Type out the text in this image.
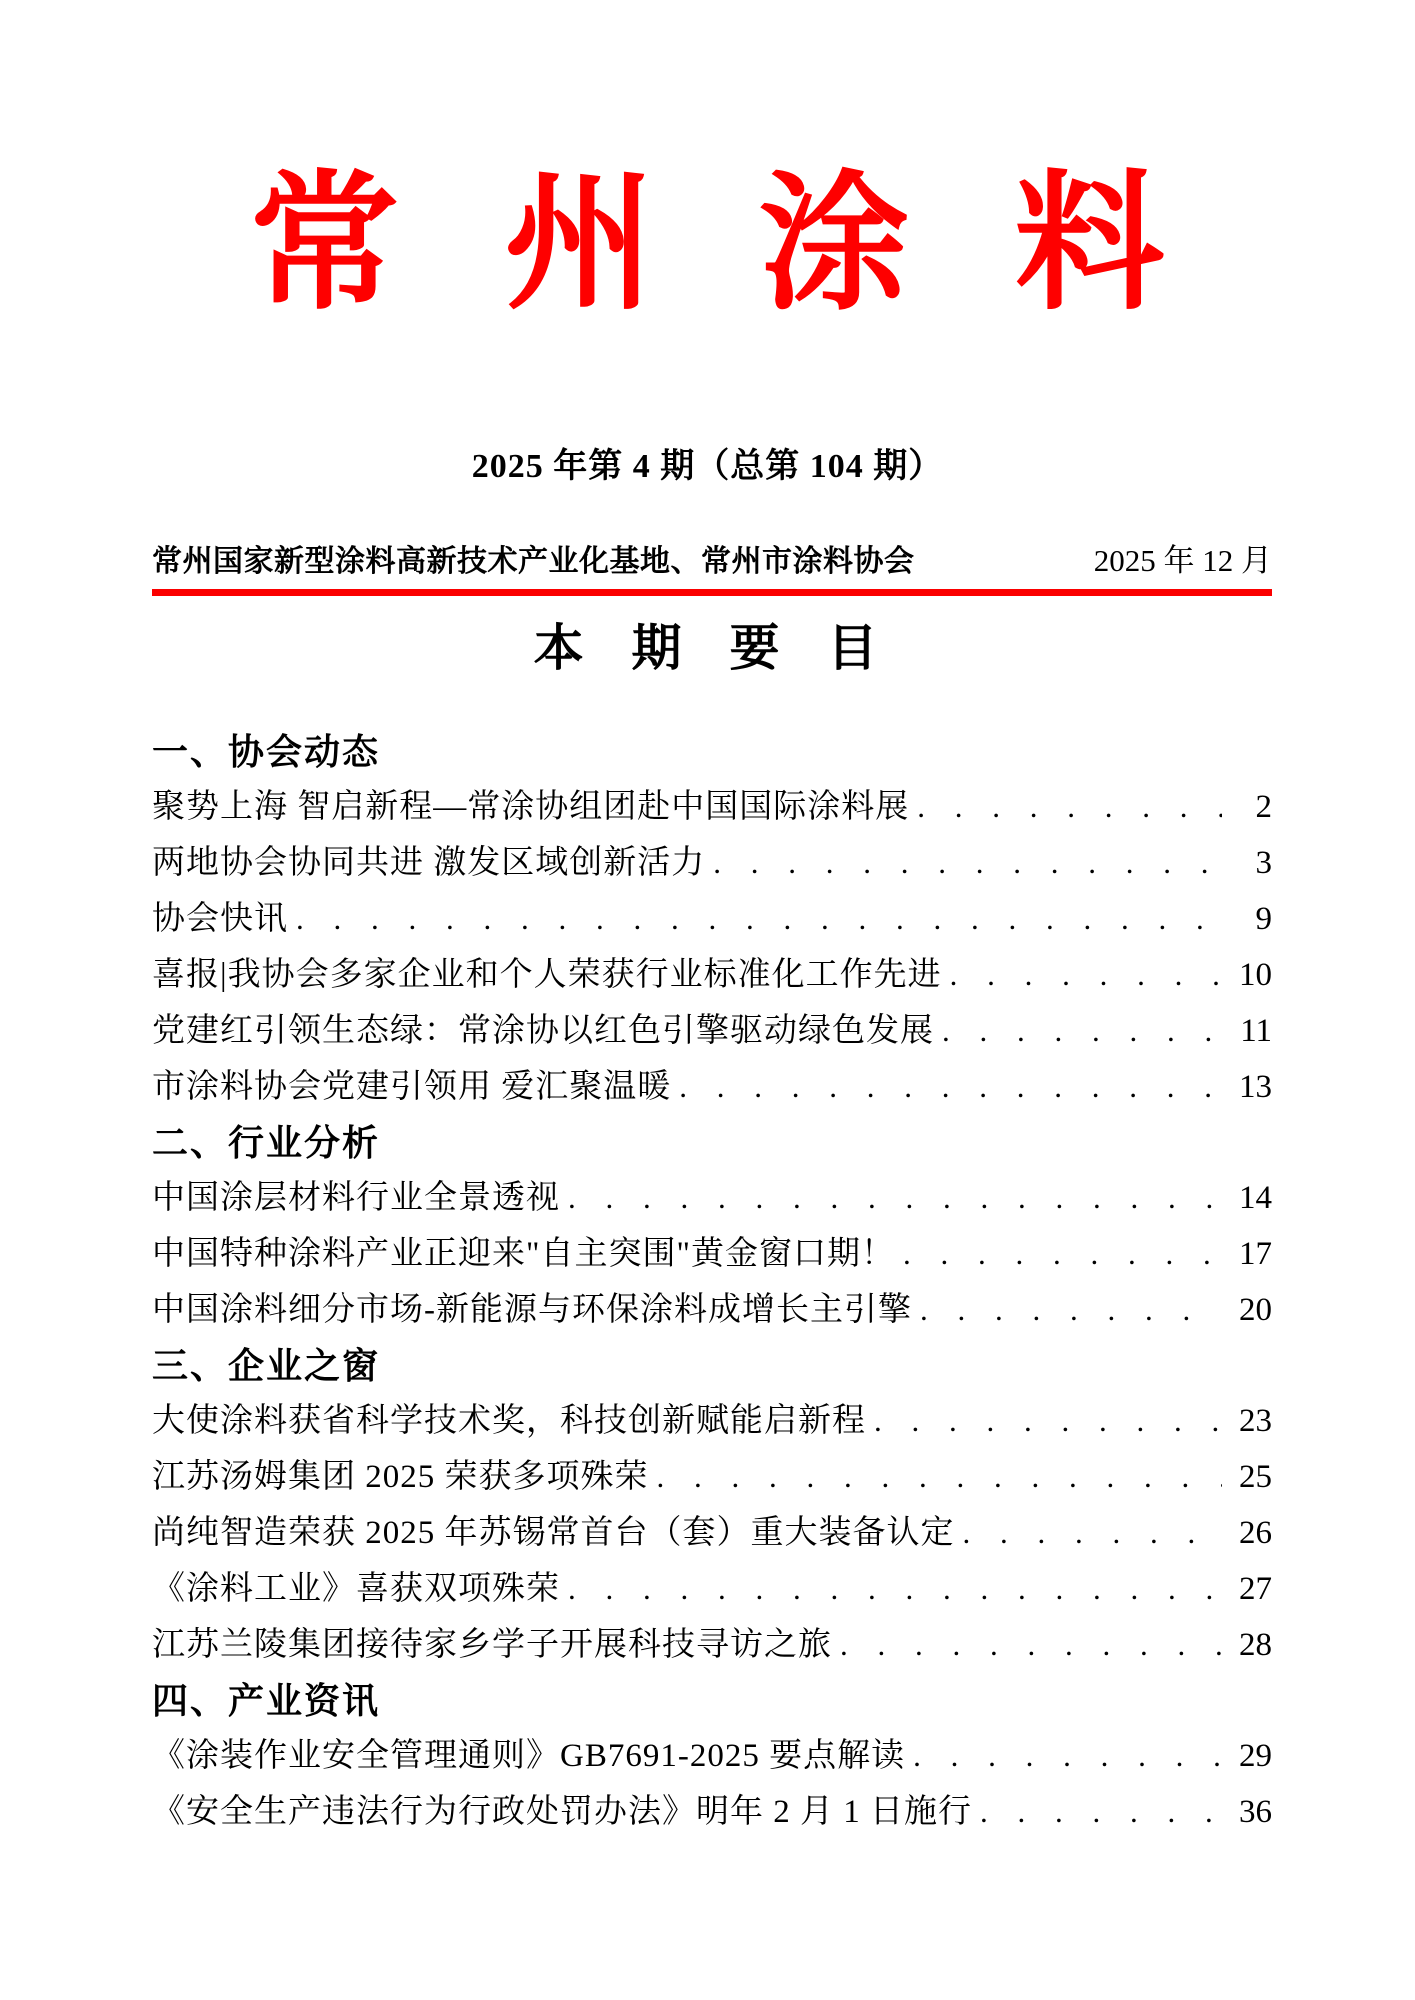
常州涂料
2025 年第 4 期（总第 104 期）
常州国家新型涂料高新技术产业化基地、常州市涂料协会	2025 年 12 月
本 期 要 目
一、协会动态
聚势上海 智启新程—常涂协组团赴中国国际涂料展 . . .	2
两地协会协同共进 激发区域创新活力 . . .	3
协会快讯 . . .	9
喜报|我协会多家企业和个人荣获行业标准化工作先进 . . .	10
党建红引领生态绿：常涂协以红色引擎驱动绿色发展 . . .	11
市涂料协会党建引领用 爱汇聚温暖 . . .	13
二、行业分析
中国涂层材料行业全景透视 . . .	14
中国特种涂料产业正迎来"自主突围"黄金窗口期！ . . .	17
中国涂料细分市场-新能源与环保涂料成增长主引擎 . . .	20
三、企业之窗
大使涂料获省科学技术奖，科技创新赋能启新程 . . .	23
江苏汤姆集团 2025 荣获多项殊荣 . . .	25
尚纯智造荣获 2025 年苏锡常首台（套）重大装备认定 . . .	26
《涂料工业》喜获双项殊荣 . . .	27
江苏兰陵集团接待家乡学子开展科技寻访之旅 . . .	28
四、产业资讯
《涂装作业安全管理通则》GB7691-2025 要点解读 . . .	29
《安全生产违法行为行政处罚办法》明年 2 月 1 日施行 . . .	36
